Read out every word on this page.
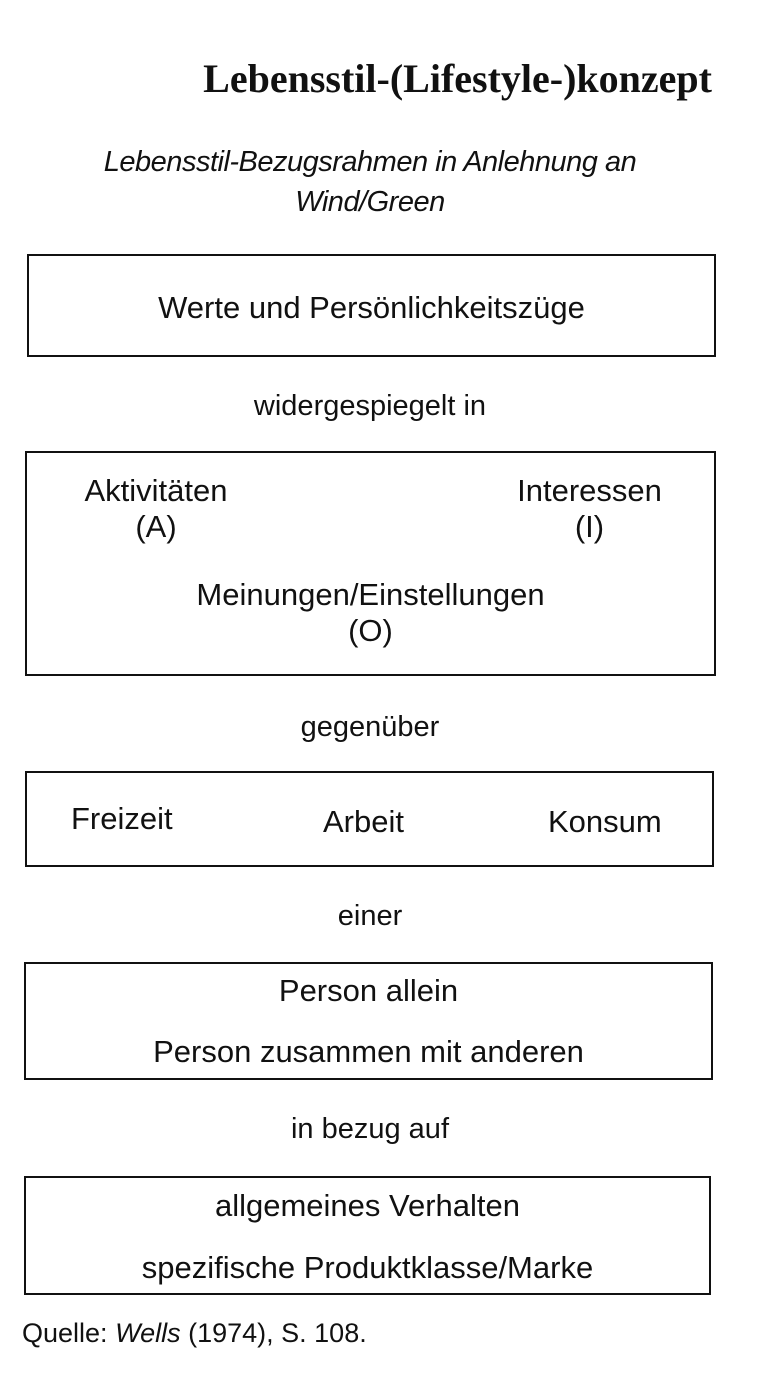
Lebensstil-(Lifestyle-)konzept
Lebensstil-Bezugsrahmen in Anlehnung an
Wind/Green
Werte und Persönlichkeitszüge
widergespiegelt in
Aktivitäten
(A)
Interessen
(I)
Meinungen/Einstellungen
(O)
gegenüber
Freizeit	Arbeit	Konsum
einer
Person allein
Person zusammen mit anderen
in bezug auf
allgemeines Verhalten
spezifische Produktklasse/Marke
Quelle: Wells (1974), S. 108.
